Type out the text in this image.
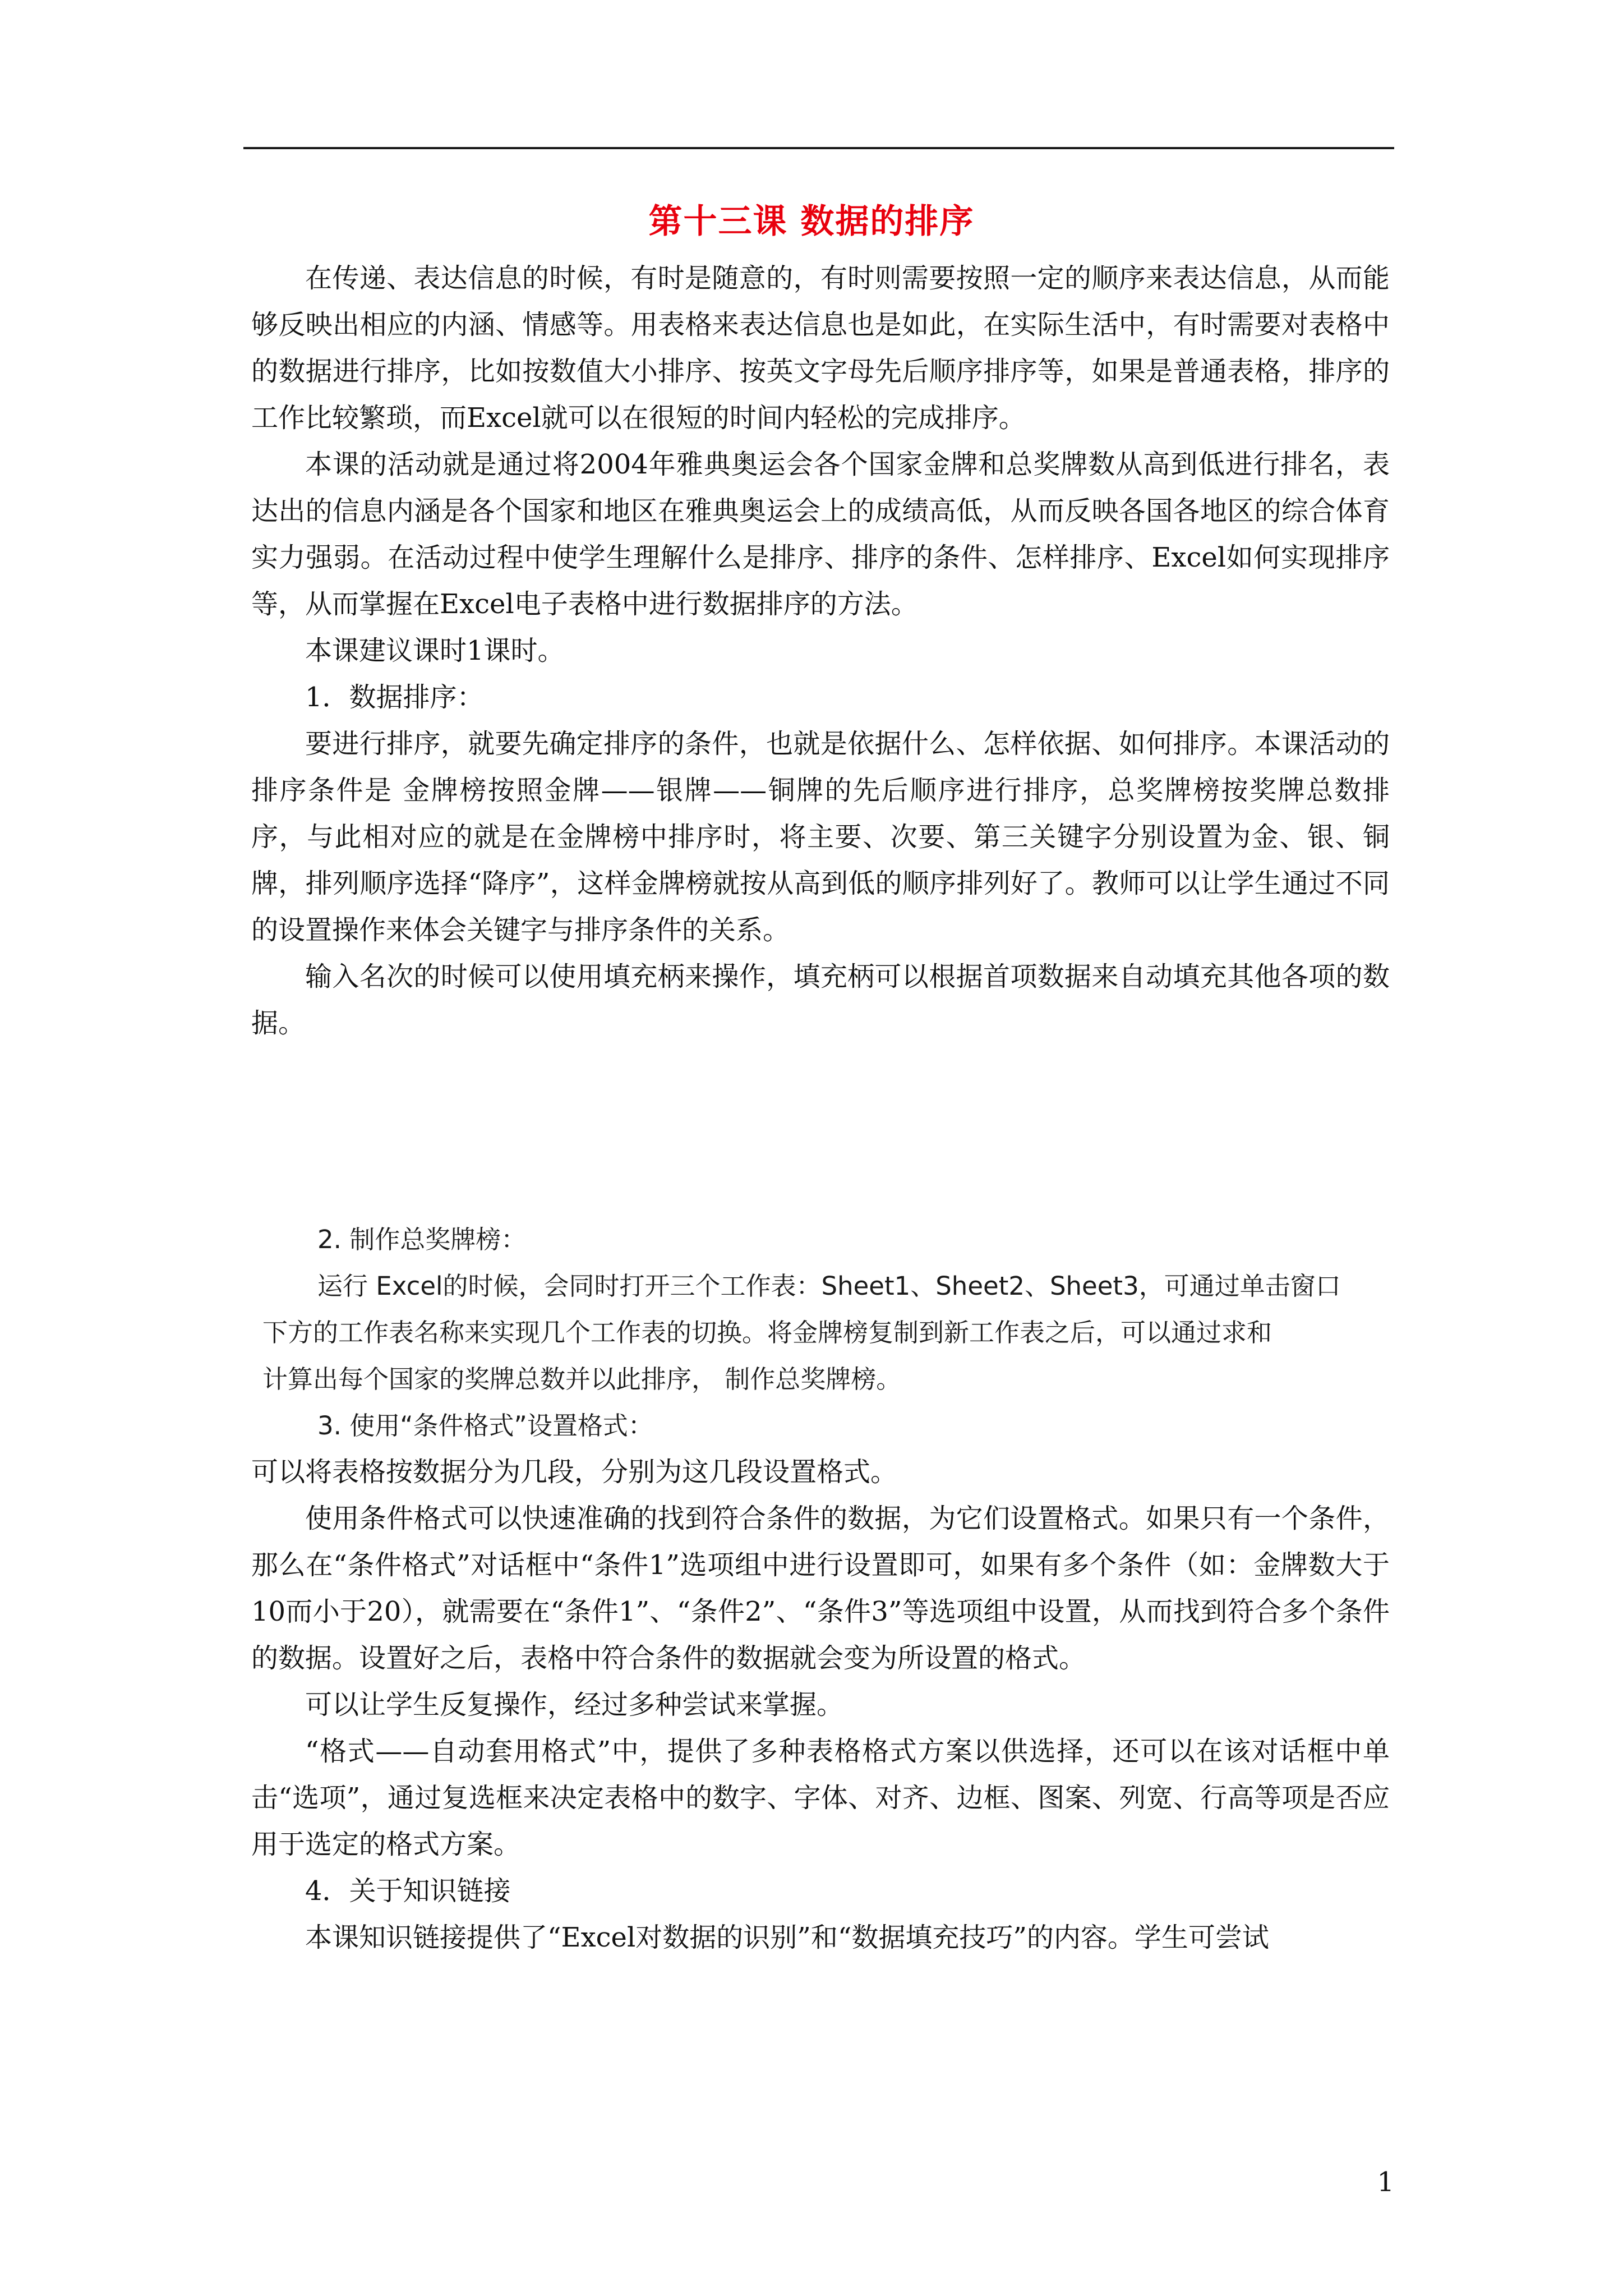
第十三课 数据的排序

在传递、表达信息的时候，有时是随意的，有时则需要按照一定的顺序来表达信息，从而能够反映出相应的内涵、情感等。用表格来表达信息也是如此，在实际生活中，有时需要对表格中的数据进行排序，比如按数值大小排序、按英文字母先后顺序排序等，如果是普通表格，排序的工作比较繁琐，而Excel就可以在很短的时间内轻松的完成排序。

本课的活动就是通过将2004年雅典奥运会各个国家金牌和总奖牌数从高到低进行排名，表达出的信息内涵是各个国家和地区在雅典奥运会上的成绩高低，从而反映各国各地区的综合体育实力强弱。在活动过程中使学生理解什么是排序、排序的条件、怎样排序、Excel如何实现排序等，从而掌握在Excel电子表格中进行数据排序的方法。

本课建议课时1课时。

1．数据排序：

要进行排序，就要先确定排序的条件，也就是依据什么、怎样依据、如何排序。本课活动的排序条件是 金牌榜按照金牌——银牌——铜牌的先后顺序进行排序，总奖牌榜按奖牌总数排序，与此相对应的就是在金牌榜中排序时，将主要、次要、第三关键字分别设置为金、银、铜牌，排列顺序选择“降序”，这样金牌榜就按从高到低的顺序排列好了。教师可以让学生通过不同的设置操作来体会关键字与排序条件的关系。

输入名次的时候可以使用填充柄来操作，填充柄可以根据首项数据来自动填充其他各项的数据。

2. 制作总奖牌榜：

运行 Excel的时候，会同时打开三个工作表：Sheet1、Sheet2、Sheet3，可通过单击窗口

下方的工作表名称来实现几个工作表的切换。将金牌榜复制到新工作表之后，可以通过求和

计算出每个国家的奖牌总数并以此排序， 制作总奖牌榜。

3. 使用“条件格式”设置格式：

可以将表格按数据分为几段，分别为这几段设置格式。

使用条件格式可以快速准确的找到符合条件的数据，为它们设置格式。如果只有一个条件，那么在“条件格式”对话框中“条件1”选项组中进行设置即可，如果有多个条件（如：金牌数大于10而小于20），就需要在“条件1”、“条件2”、“条件3”等选项组中设置，从而找到符合多个条件的数据。设置好之后，表格中符合条件的数据就会变为所设置的格式。

可以让学生反复操作，经过多种尝试来掌握。

“格式——自动套用格式”中，提供了多种表格格式方案以供选择，还可以在该对话框中单击“选项”，通过复选框来决定表格中的数字、字体、对齐、边框、图案、列宽、行高等项是否应用于选定的格式方案。

4．关于知识链接

本课知识链接提供了“Excel对数据的识别”和“数据填充技巧”的内容。学生可尝试

1
